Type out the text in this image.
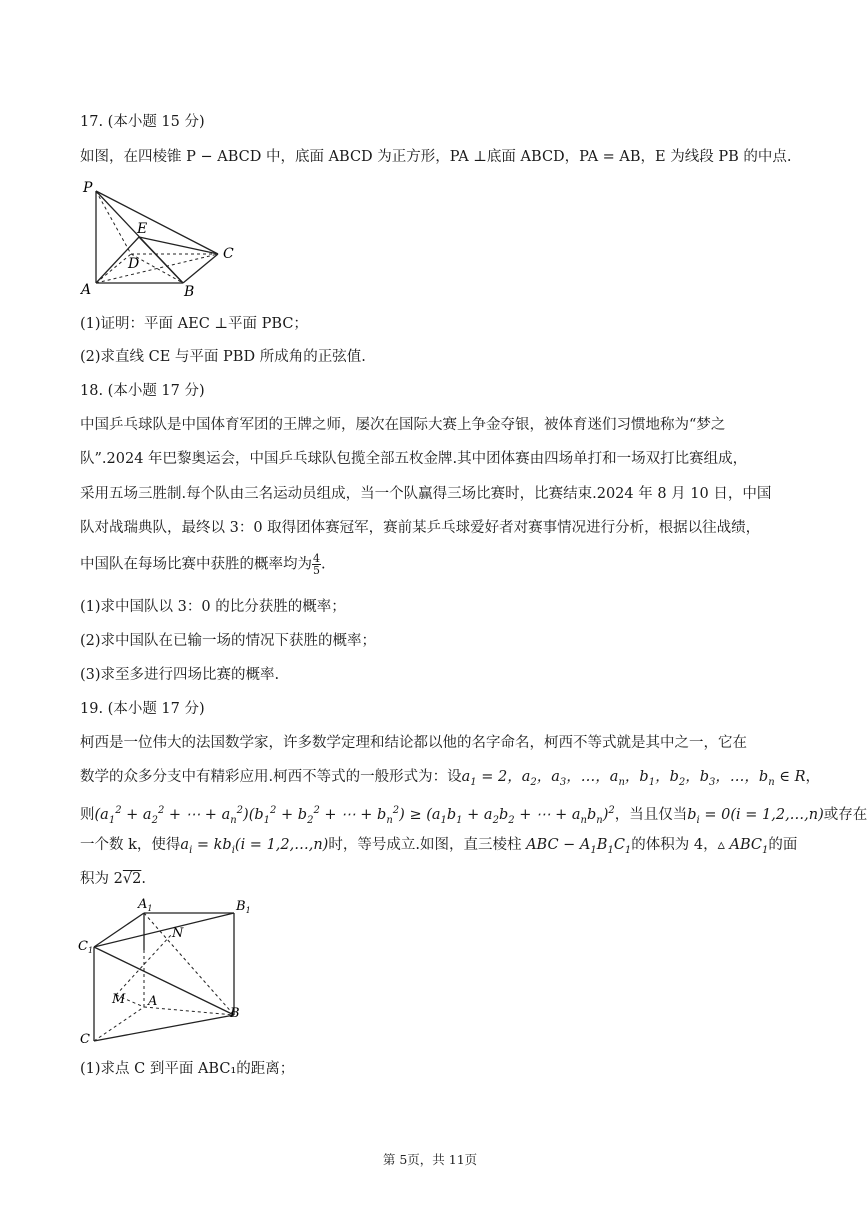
17. (本小题 15 分)
如图，在四棱锥 P − ABCD 中，底面 ABCD 为正方形，PA ⊥底面 ABCD，PA = AB，E 为线段 PB 的中点.
P
E
C
D
A	B
(1)证明：平面 AEC ⊥平面 PBC；
(2)求直线 CE 与平面 PBD 所成角的正弦值.
18. (本小题 17 分)
中国乒乓球队是中国体育军团的王牌之师，屡次在国际大赛上争金夺银，被体育迷们习惯地称为“梦之
队”.2024 年巴黎奥运会，中国乒乓球队包揽全部五枚金牌.其中团体赛由四场单打和一场双打比赛组成，
采用五场三胜制.每个队由三名运动员组成，当一个队赢得三场比赛时，比赛结束.2024 年 8 月 10 日，中国
队对战瑞典队，最终以 3：0 取得团体赛冠军，赛前某乒乓球爱好者对赛事情况进行分析，根据以往战绩，
中国队在每场比赛中获胜的概率均为 $\frac{4}{5}$ .
(1)求中国队以 3：0 的比分获胜的概率；
(2)求中国队在已输一场的情况下获胜的概率；
(3)求至多进行四场比赛的概率.
19. (本小题 17 分)
柯西是一位伟大的法国数学家，许多数学定理和结论都以他的名字命名，柯西不等式就是其中之一，它在
数学的众多分支中有精彩应用.柯西不等式的一般形式为：设$a_1 = 2$，$a_2$，$a_3$，…，$a_n$，$b_1$，$b_2$，$b_3$，…，$b_n$ ∈ R，
则($a_1^2 + a_2^2$ + ⋯ + $a_n^2)(b_1^2 + b_2^2$ + ⋯ + $b_n^2) \ge (a_1b_1 + a_2b_2$ + ⋯ + $a_nb_n)^2$，当且仅当$b_i = 0(i$ = 1,2,…,n)或存在
一个数 k，使得$a_i = kb_i(i$ = 1,2,…,n)时，等号成立.如图，直三棱柱 ABC − $A_1B_1C_1$的体积为 4，▵ $ABC_1$的面
积为 2√2.
$A_1$	$B_1$
$C_1$
N
M A
B
C
(1)求点 C 到平面 ABC₁的距离；
第 5页，共 11页
